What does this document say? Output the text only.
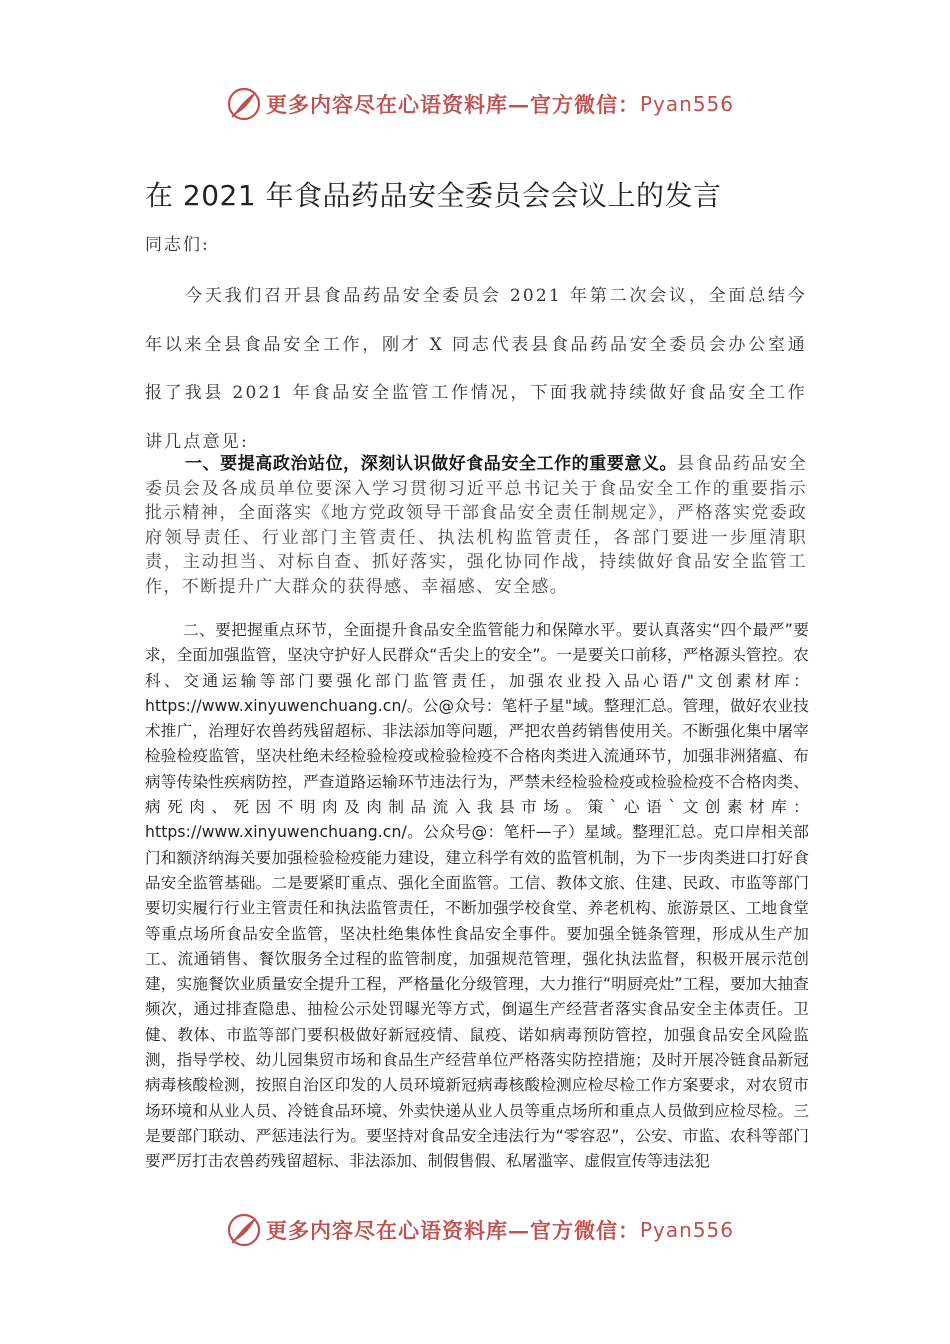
更多内容尽在心语资料库 — 官方微信： Pyan556
在 2021 年食品药品安全委员会会议上的发言
同志们:

今天我们召开县食品药品安全委员会 2021 年第二次会议，全面总结今年以来全县食品安全工作，刚才 X 同志代表县食品药品安全委员会办公室通报了我县 2021 年食品安全监管工作情况，下面我就持续做好食品安全工作讲几点意见:

一、要提高政治站位，深刻认识做好食品安全工作的重要意义。县食品药品安全委员会及各成员单位要深入学习贯彻习近平总书记关于食品安全工作的重要指示批示精神，全面落实《地方党政领导干部食品安全责任制规定》，严格落实党委政府领导责任、行业部门主管责任、执法机构监管责任，各部门要进一步厘清职责，主动担当、对标自查、抓好落实，强化协同作战，持续做好食品安全监管工作，不断提升广大群众的获得感、幸福感、安全感。

二、要把握重点环节，全面提升食品安全监管能力和保障水平。要认真落实“四个最严”要求，全面加强监管，坚决守护好人民群众“舌尖上的安全”。一是要关口前移，严格源头管控。农科、交通运输等部门要强化部门监管责任，加强农业投入品心语/"文创素材库：https://www.xinyuwenchuang.cn/。公@众号：笔杆子星"域。整理汇总。管理，做好农业技术推广，治理好农兽药残留超标、非法添加等问题，严把农兽药销售使用关。不断强化集中屠宰检验检疫监管，坚决杜绝未经检验检疫或检验检疫不合格肉类进入流通环节，加强非洲猪瘟、布病等传染性疾病防控，严查道路运输环节违法行为，严禁未经检验检疫或检验检疫不合格肉类、病死肉、死因不明肉及肉制品流入我县市场。策`心语`文创素材库：https://www.xinyuwenchuang.cn/。公众号@：笔杆—子）星域。整理汇总。克口岸相关部门和额济纳海关要加强检验检疫能力建设，建立科学有效的监管机制，为下一步肉类进口打好食品安全监管基础。二是要紧盯重点、强化全面监管。工信、教体文旅、住建、民政、市监等部门要切实履行行业主管责任和执法监管责任，不断加强学校食堂、养老机构、旅游景区、工地食堂等重点场所食品安全监管，坚决杜绝集体性食品安全事件。要加强全链条管理，形成从生产加工、流通销售、餐饮服务全过程的监管制度，加强规范管理，强化执法监督，积极开展示范创建，实施餐饮业质量安全提升工程，严格量化分级管理，大力推行“明厨亮灶”工程，要加大抽查频次，通过排查隐患、抽检公示处罚曝光等方式，倒逼生产经营者落实食品安全主体责任。卫健、教体、市监等部门要积极做好新冠疫情、鼠疫、诺如病毒预防管控，加强食品安全风险监测，指导学校、幼儿园集贸市场和食品生产经营单位严格落实防控措施；及时开展冷链食品新冠病毒核酸检测，按照自治区印发的人员环境新冠病毒核酸检测应检尽检工作方案要求，对农贸市场环境和从业人员、冷链食品环境、外卖快递从业人员等重点场所和重点人员做到应检尽检。三是要部门联动、严惩违法行为。要坚持对食品安全违法行为“零容忍”，公安、市监、农科等部门要严厉打击农兽药残留超标、非法添加、制假售假、私屠滥宰、虚假宣传等违法犯

更多内容尽在心语资料库 — 官方微信： Pyan556
